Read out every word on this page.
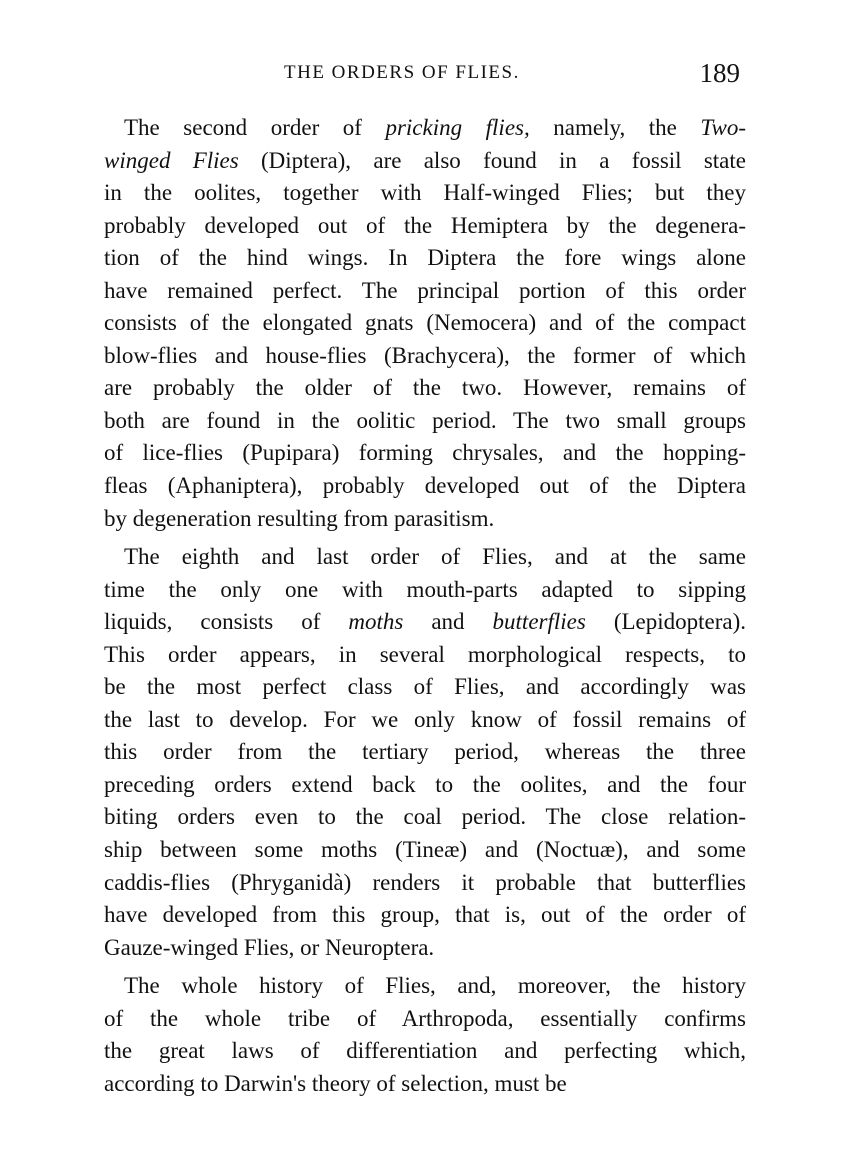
THE ORDERS OF FLIES.	189
The second order of pricking flies, namely, the Two-
winged Flies (Diptera), are also found in a fossil state
in the oolites, together with Half-winged Flies; but they
probably developed out of the Hemiptera by the degenera-
tion of the hind wings. In Diptera the fore wings alone
have remained perfect. The principal portion of this order
consists of the elongated gnats (Nemocera) and of the compact
blow-flies and house-flies (Brachycera), the former of which
are probably the older of the two. However, remains of
both are found in the oolitic period. The two small groups
of lice-flies (Pupipara) forming chrysales, and the hopping-
fleas (Aphaniptera), probably developed out of the Diptera
by degeneration resulting from parasitism.
The eighth and last order of Flies, and at the same
time the only one with mouth-parts adapted to sipping
liquids, consists of moths and butterflies (Lepidoptera).
This order appears, in several morphological respects, to
be the most perfect class of Flies, and accordingly was
the last to develop. For we only know of fossil remains of
this order from the tertiary period, whereas the three
preceding orders extend back to the oolites, and the four
biting orders even to the coal period. The close relation-
ship between some moths (Tineæ) and (Noctuæ), and some
caddis-flies (Phryganidà) renders it probable that butterflies
have developed from this group, that is, out of the order of
Gauze-winged Flies, or Neuroptera.
The whole history of Flies, and, moreover, the history
of the whole tribe of Arthropoda, essentially confirms
the great laws of differentiation and perfecting which,
according to Darwin's theory of selection, must be
